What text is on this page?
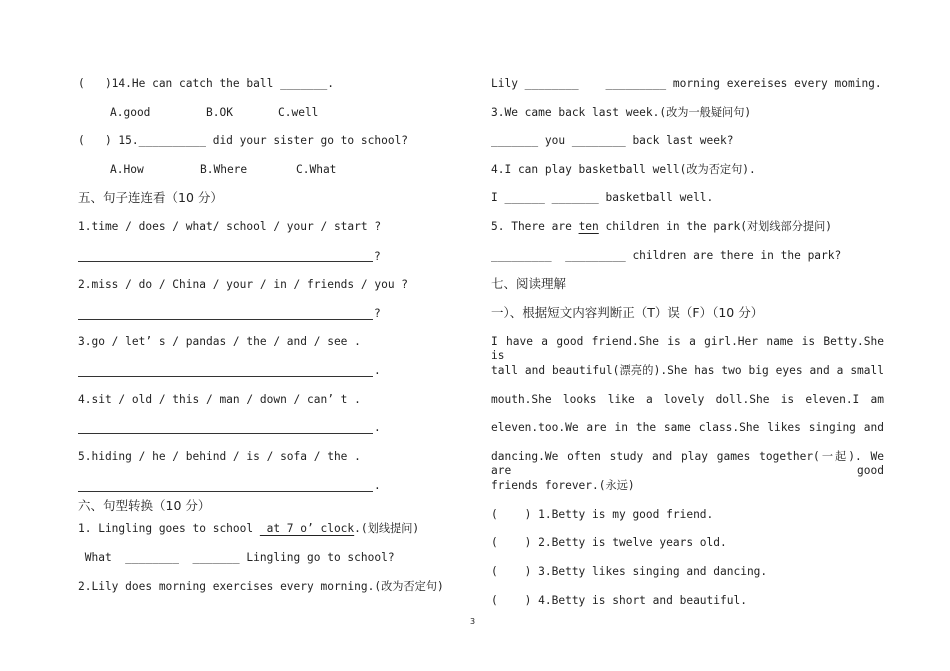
(   )14.He can catch the ball _______.
A.good	B.OK	C.well
(   ) 15.__________ did your sister go to school?
A.How	B.Where	C.What
五、句子连连看（10 分）
1.time / does / what/ school / your / start ?
?
2.miss / do / China / your / in / friends / you ?
?
3.go / let’ s / pandas / the / and / see .
.
4.sit / old / this / man / down / can’ t .
.
5.hiding / he / behind / is / sofa / the .
.
六、句型转换（10 分）
1. Lingling goes to school  at 7 o’ clock.(划线提问)
What  ________  _______ Lingling go to school?
2.Lily does morning exercises every morning.(改为否定句)
Lily ________    _________ morning exereises every moming.
3.We came back last week.(改为一般疑问句)
_______ you ________ back last week?
4.I can play basketball well(改为否定句).
I ______ _______ basketball well.
5. There are ten children in the park(对划线部分提问)
_________  _________ children are there in the park?
七、阅读理解
一）、根据短文内容判断正（T）误（F）（10 分）
I have a good friend.She is a girl.Her name is Betty.She is
tall and beautiful(漂亮的).She has two big eyes and a small
mouth.She looks like a lovely doll.She is eleven.I am
eleven.too.We are in the same class.She likes singing and
dancing.We often study and play games together(一起). We are good
friends forever.(永远)
(    ) 1.Betty is my good friend.
(    ) 2.Betty is twelve years old.
(    ) 3.Betty likes singing and dancing.
(    ) 4.Betty is short and beautiful.
3
